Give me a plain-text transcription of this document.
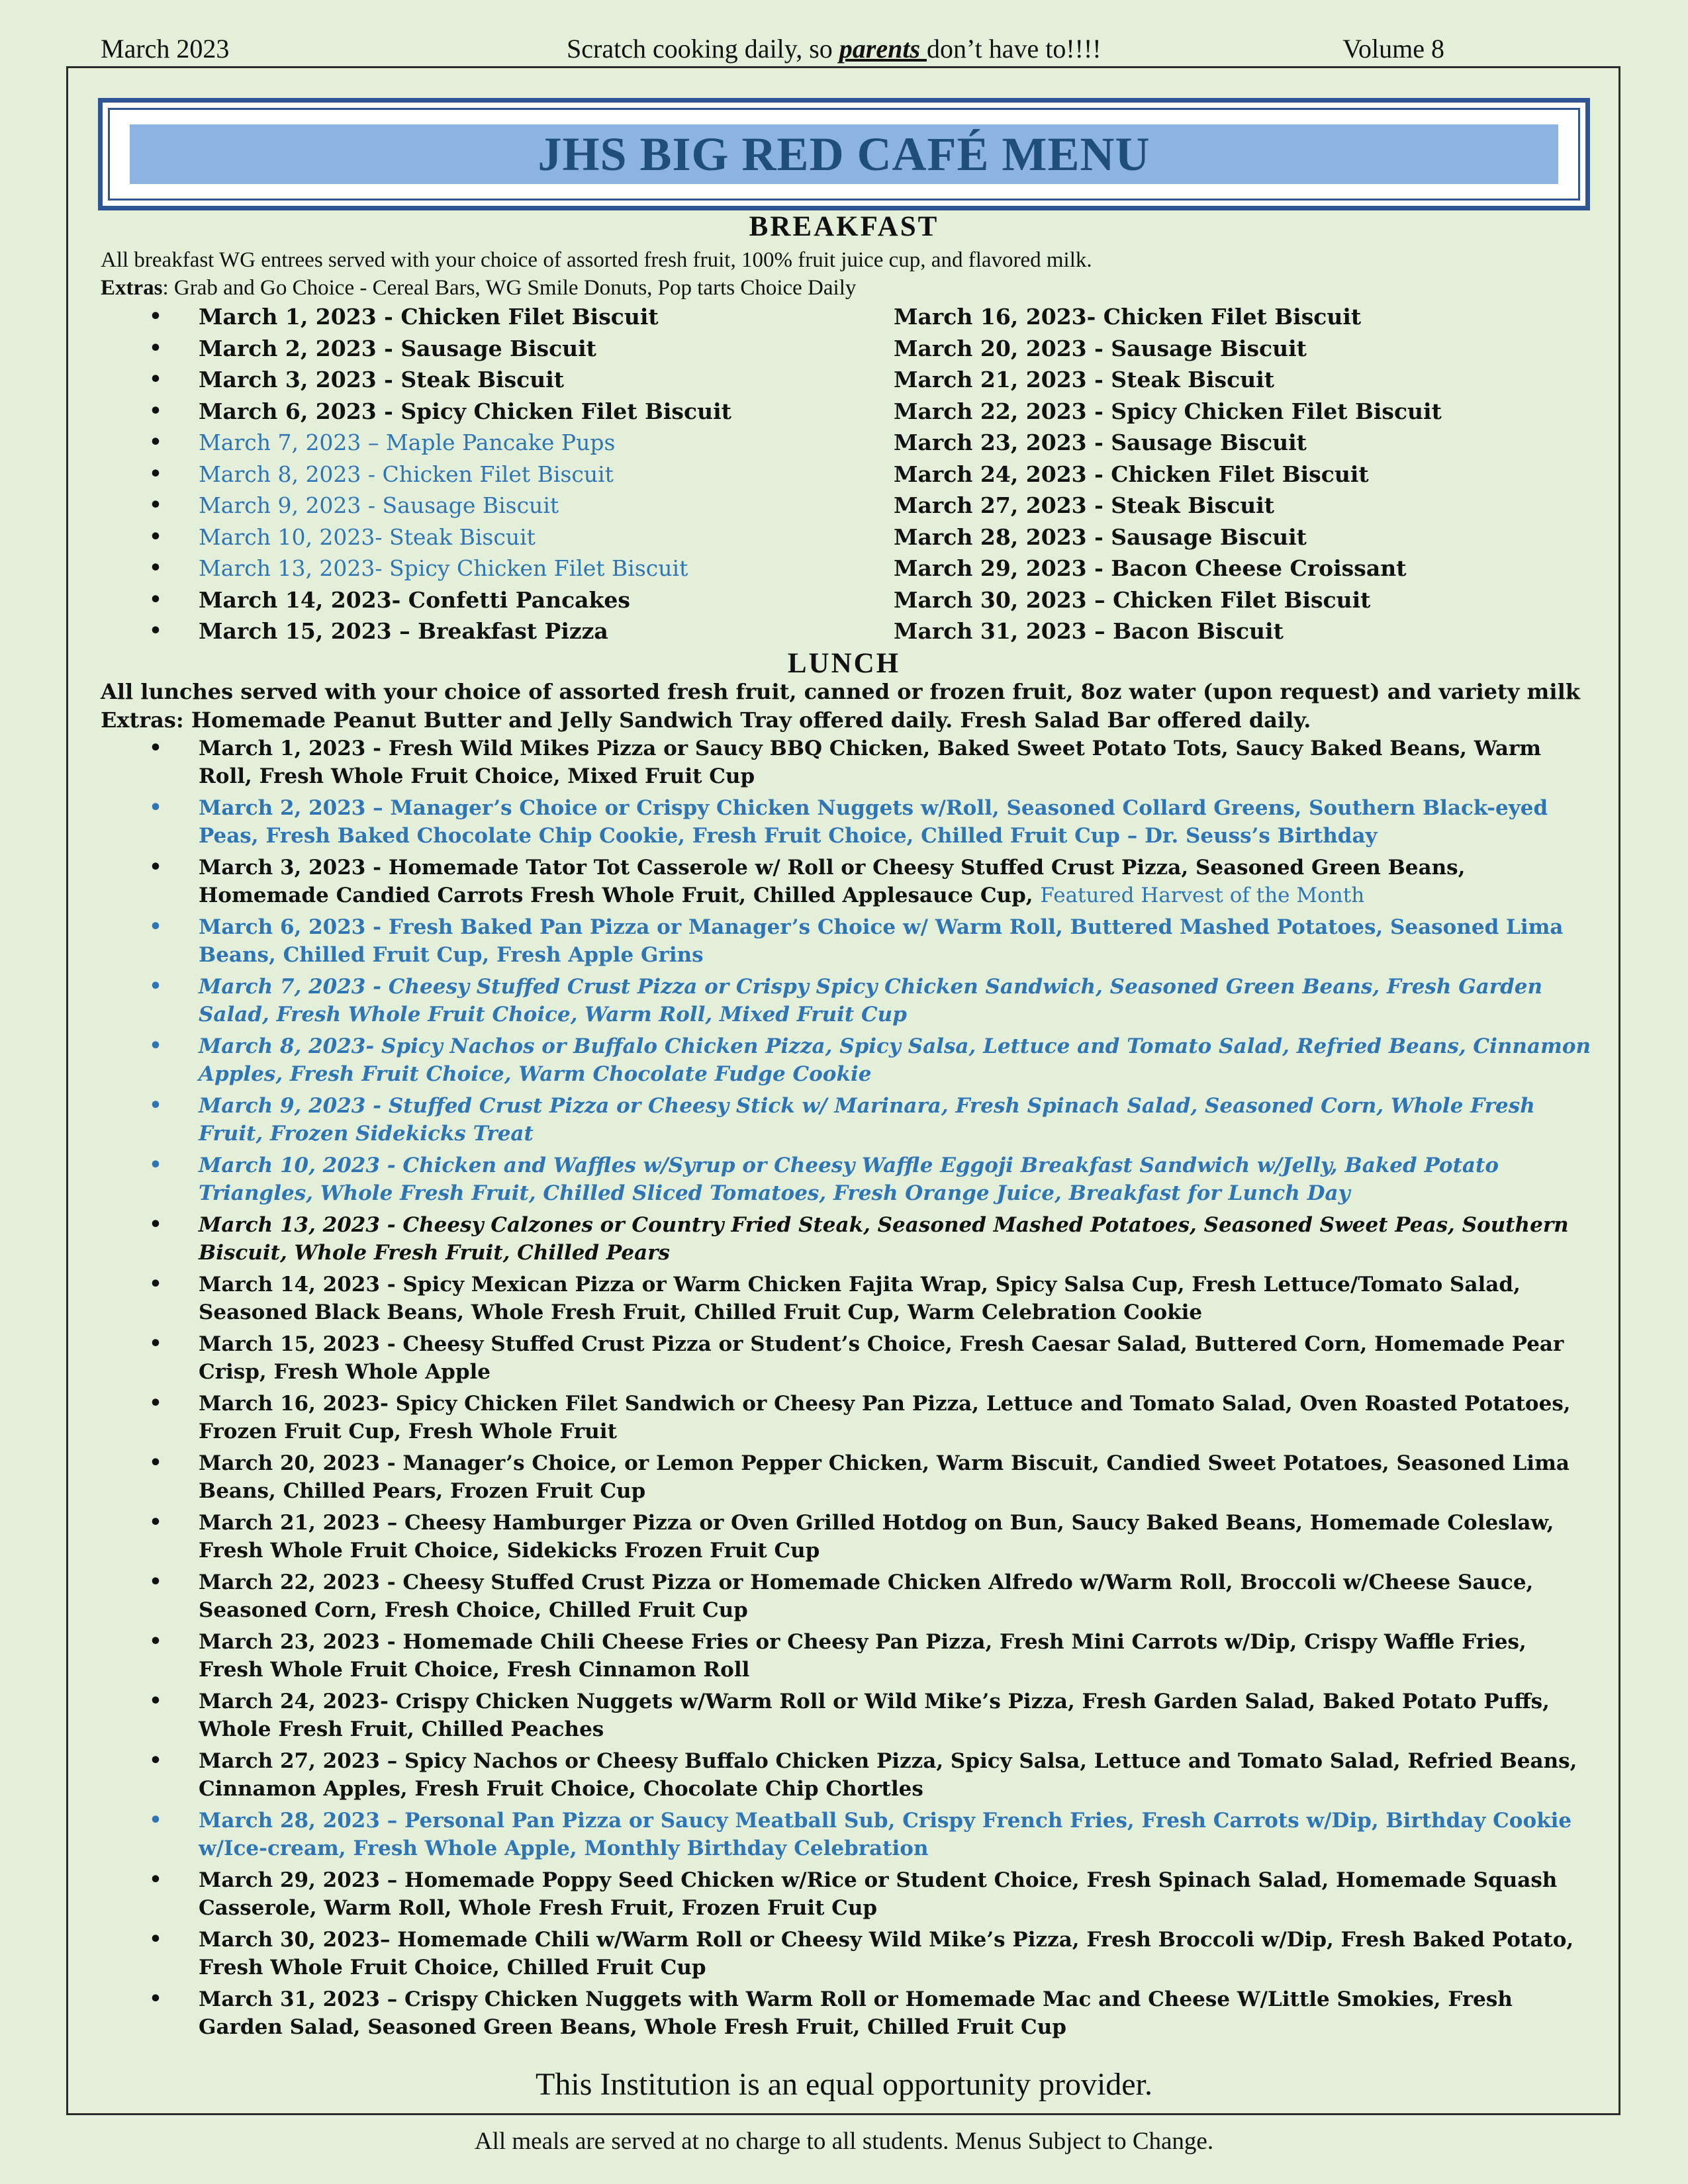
March 2023	Scratch cooking daily, so parents don’t have to!!!!	Volume 8
JHS BIG RED CAFÉ MENU
BREAKFAST
All breakfast WG entrees served with your choice of assorted fresh fruit, 100% fruit juice cup, and flavored milk.
Extras: Grab and Go Choice - Cereal Bars, WG Smile Donuts, Pop tarts Choice Daily
• March 1, 2023 - Chicken Filet Biscuit
• March 2, 2023 - Sausage Biscuit
• March 3, 2023 - Steak Biscuit
• March 6, 2023 - Spicy Chicken Filet Biscuit
• March 7, 2023 – Maple Pancake Pups
• March 8, 2023 - Chicken Filet Biscuit
• March 9, 2023 - Sausage Biscuit
• March 10, 2023- Steak Biscuit
• March 13, 2023- Spicy Chicken Filet Biscuit
• March 14, 2023- Confetti Pancakes
• March 15, 2023 – Breakfast Pizza
March 16, 2023- Chicken Filet Biscuit
March 20, 2023 - Sausage Biscuit
March 21, 2023 - Steak Biscuit
March 22, 2023 - Spicy Chicken Filet Biscuit
March 23, 2023 - Sausage Biscuit
March 24, 2023 - Chicken Filet Biscuit
March 27, 2023 - Steak Biscuit
March 28, 2023 - Sausage Biscuit
March 29, 2023 - Bacon Cheese Croissant
March 30, 2023 – Chicken Filet Biscuit
March 31, 2023 – Bacon Biscuit
LUNCH
All lunches served with your choice of assorted fresh fruit, canned or frozen fruit, 8oz water (upon request) and variety milk Extras: Homemade Peanut Butter and Jelly Sandwich Tray offered daily. Fresh Salad Bar offered daily.
• March 1, 2023 - Fresh Wild Mikes Pizza or Saucy BBQ Chicken, Baked Sweet Potato Tots, Saucy Baked Beans, Warm Roll, Fresh Whole Fruit Choice, Mixed Fruit Cup
• March 2, 2023 – Manager’s Choice or Crispy Chicken Nuggets w/Roll, Seasoned Collard Greens, Southern Black-eyed Peas, Fresh Baked Chocolate Chip Cookie, Fresh Fruit Choice, Chilled Fruit Cup – Dr. Seuss’s Birthday
• March 3, 2023 - Homemade Tator Tot Casserole w/ Roll or Cheesy Stuffed Crust Pizza, Seasoned Green Beans, Homemade Candied Carrots Fresh Whole Fruit, Chilled Applesauce Cup, Featured Harvest of the Month
• March 6, 2023 - Fresh Baked Pan Pizza or Manager’s Choice w/ Warm Roll, Buttered Mashed Potatoes, Seasoned Lima Beans, Chilled Fruit Cup, Fresh Apple Grins
• March 7, 2023 - Cheesy Stuffed Crust Pizza or Crispy Spicy Chicken Sandwich, Seasoned Green Beans, Fresh Garden Salad, Fresh Whole Fruit Choice, Warm Roll, Mixed Fruit Cup
• March 8, 2023- Spicy Nachos or Buffalo Chicken Pizza, Spicy Salsa, Lettuce and Tomato Salad, Refried Beans, Cinnamon Apples, Fresh Fruit Choice, Warm Chocolate Fudge Cookie
• March 9, 2023 - Stuffed Crust Pizza or Cheesy Stick w/ Marinara, Fresh Spinach Salad, Seasoned Corn, Whole Fresh Fruit, Frozen Sidekicks Treat
• March 10, 2023 - Chicken and Waffles w/Syrup or Cheesy Waffle Eggoji Breakfast Sandwich w/Jelly, Baked Potato Triangles, Whole Fresh Fruit, Chilled Sliced Tomatoes, Fresh Orange Juice, Breakfast for Lunch Day
• March 13, 2023 - Cheesy Calzones or Country Fried Steak, Seasoned Mashed Potatoes, Seasoned Sweet Peas, Southern Biscuit, Whole Fresh Fruit, Chilled Pears
• March 14, 2023 - Spicy Mexican Pizza or Warm Chicken Fajita Wrap, Spicy Salsa Cup, Fresh Lettuce/Tomato Salad, Seasoned Black Beans, Whole Fresh Fruit, Chilled Fruit Cup, Warm Celebration Cookie
• March 15, 2023 - Cheesy Stuffed Crust Pizza or Student’s Choice, Fresh Caesar Salad, Buttered Corn, Homemade Pear Crisp, Fresh Whole Apple
• March 16, 2023- Spicy Chicken Filet Sandwich or Cheesy Pan Pizza, Lettuce and Tomato Salad, Oven Roasted Potatoes, Frozen Fruit Cup, Fresh Whole Fruit
• March 20, 2023 - Manager’s Choice, or Lemon Pepper Chicken, Warm Biscuit, Candied Sweet Potatoes, Seasoned Lima Beans, Chilled Pears, Frozen Fruit Cup
• March 21, 2023 – Cheesy Hamburger Pizza or Oven Grilled Hotdog on Bun, Saucy Baked Beans, Homemade Coleslaw, Fresh Whole Fruit Choice, Sidekicks Frozen Fruit Cup
• March 22, 2023 - Cheesy Stuffed Crust Pizza or Homemade Chicken Alfredo w/Warm Roll, Broccoli w/Cheese Sauce, Seasoned Corn, Fresh Choice, Chilled Fruit Cup
• March 23, 2023 - Homemade Chili Cheese Fries or Cheesy Pan Pizza, Fresh Mini Carrots w/Dip, Crispy Waffle Fries, Fresh Whole Fruit Choice, Fresh Cinnamon Roll
• March 24, 2023- Crispy Chicken Nuggets w/Warm Roll or Wild Mike’s Pizza, Fresh Garden Salad, Baked Potato Puffs, Whole Fresh Fruit, Chilled Peaches
• March 27, 2023 – Spicy Nachos or Cheesy Buffalo Chicken Pizza, Spicy Salsa, Lettuce and Tomato Salad, Refried Beans, Cinnamon Apples, Fresh Fruit Choice, Chocolate Chip Chortles
• March 28, 2023 – Personal Pan Pizza or Saucy Meatball Sub, Crispy French Fries, Fresh Carrots w/Dip, Birthday Cookie w/Ice-cream, Fresh Whole Apple, Monthly Birthday Celebration
• March 29, 2023 – Homemade Poppy Seed Chicken w/Rice or Student Choice, Fresh Spinach Salad, Homemade Squash Casserole, Warm Roll, Whole Fresh Fruit, Frozen Fruit Cup
• March 30, 2023– Homemade Chili w/Warm Roll or Cheesy Wild Mike’s Pizza, Fresh Broccoli w/Dip, Fresh Baked Potato, Fresh Whole Fruit Choice, Chilled Fruit Cup
• March 31, 2023 – Crispy Chicken Nuggets with Warm Roll or Homemade Mac and Cheese W/Little Smokies, Fresh Garden Salad, Seasoned Green Beans, Whole Fresh Fruit, Chilled Fruit Cup
This Institution is an equal opportunity provider.
All meals are served at no charge to all students. Menus Subject to Change.
